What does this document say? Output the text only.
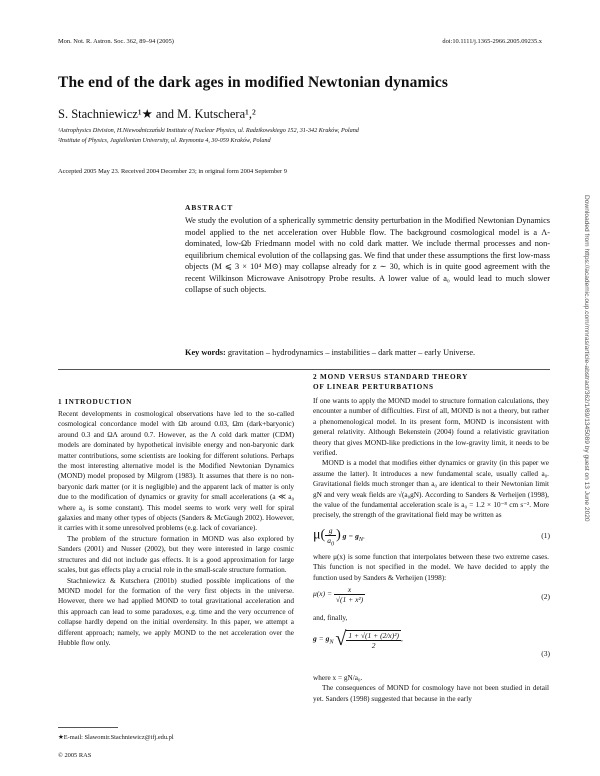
Mon. Not. R. Astron. Soc. 362, 89–94 (2005)	doi:10.1111/j.1365-2966.2005.09235.x
The end of the dark ages in modified Newtonian dynamics
S. Stachniewicz¹★ and M. Kutschera¹,²
¹Astrophysics Division, H.Niewodniczański Institute of Nuclear Physics, ul. Radzikowskiego 152, 31-342 Kraków, Poland
²Institute of Physics, Jagiellonian University, ul. Reymonta 4, 30-059 Kraków, Poland
Accepted 2005 May 23. Received 2004 December 23; in original form 2004 September 9
ABSTRACT
We study the evolution of a spherically symmetric density perturbation in the Modified Newtonian Dynamics model applied to the net acceleration over Hubble flow. The background cosmological model is a Λ-dominated, low-Ωb Friedmann model with no cold dark matter. We include thermal processes and non-equilibrium chemical evolution of the collapsing gas. We find that under these assumptions the first low-mass objects (M ⩽ 3 × 10⁴ M⊙) may collapse already for z ∼ 30, which is in quite good agreement with the recent Wilkinson Microwave Anisotropy Probe results. A lower value of a₀ would lead to much slower collapse of such objects.
Key words: gravitation – hydrodynamics – instabilities – dark matter – early Universe.
1 INTRODUCTION

Recent developments in cosmological observations have led to the so-called cosmological concordance model with Ωb around 0.03, Ωm (dark+baryonic) around 0.3 and ΩΛ around 0.7. However, as the Λ cold dark matter (CDM) models are dominated by hypothetical invisible energy and non-baryonic dark matter contributions, some scientists are looking for different solutions. Perhaps the most interesting alternative model is the Modified Newtonian Dynamics (MOND) model proposed by Milgrom (1983). It assumes that there is no non-baryonic dark matter (or it is negligible) and the apparent lack of matter is only due to the modification of dynamics or gravity for small accelerations (a ≪ a₀ where a₀ is some constant). This model seems to work very well for spiral galaxies and many other types of objects (Sanders & McGaugh 2002). However, it carries with it some unresolved problems (e.g. lack of covariance).

The problem of the structure formation in MOND was also explored by Sanders (2001) and Nusser (2002), but they were interested in large cosmic structures and did not include gas effects. It is a good approximation for large scales, but gas effects play a crucial role in the small-scale structure formation.

Stachniewicz & Kutschera (2001b) studied possible implications of the MOND model for the formation of the very first objects in the universe. However, there we had applied MOND to total gravitational acceleration and this approach can lead to some paradoxes, e.g. time and the very occurrence of collapse hardly depend on the initial overdensity. In this paper, we attempt a different approach; namely, we apply MOND to the net acceleration over the Hubble flow only.

★E-mail: Slawomir.Stachniewicz@ifj.edu.pl
© 2005 RAS
2 MOND VERSUS STANDARD THEORY
OF LINEAR PERTURBATIONS

If one wants to apply the MOND model to structure formation calculations, they encounter a number of difficulties. First of all, MOND is not a theory, but rather a phenomenological model. In its present form, MOND is inconsistent with general relativity. Although Bekenstein (2004) found a relativistic gravitation theory that gives MOND-like predictions in the low-gravity limit, it needs to be verified.

MOND is a model that modifies either dynamics or gravity (in this paper we assume the latter). It introduces a new fundamental scale, usually called a₀. Gravitational fields much stronger than a₀ are identical to their Newtonian limit gN and very weak fields are √(a₀gN). According to Sanders & Verheijen (1998), the value of the fundamental acceleration scale is a₀ = 1.2 × 10⁻⁸ cm s⁻². More precisely, the strength of the gravitational field may be written as

$\mu( \frac{g}{a_0}$ ) $g = g_N$.	(1)

where μ(x) is some function that interpolates between these two extreme cases. This function is not specified in the model. We have decided to apply the function used by Sanders & Verheijen (1998):

$\mu(x) = \frac{x}{\text{√(1 + x²)}}$	(2)

and, finally,

$g = g_N$ √ $\frac{\text{1 + √(1 + (2/x)²)}}{2}$ ,
(3)

where x = gN/a₀.

The consequences of MOND for cosmology have not been studied in detail yet. Sanders (1998) suggested that because in the early

Downloaded from https://academic.oup.com/mnras/article-abstract/362/1/89/1345089 by guest on 13 June 2020
